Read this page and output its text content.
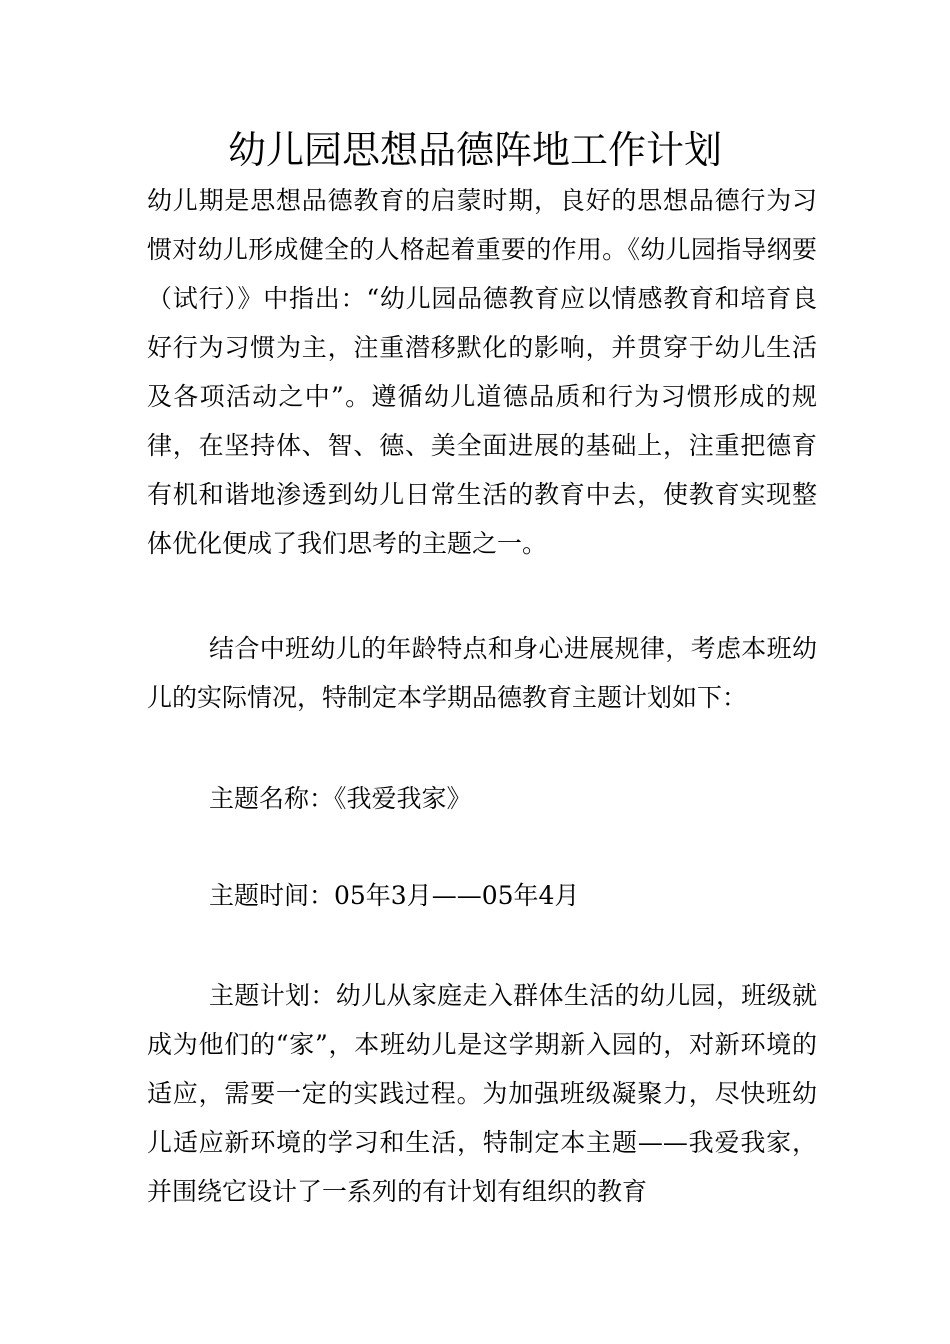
幼儿园思想品德阵地工作计划

幼儿期是思想品德教育的启蒙时期，良好的思想品德行为习惯对幼儿形成健全的人格起着重要的作用。《幼儿园指导纲要（试行）》中指出：“幼儿园品德教育应以情感教育和培育良好行为习惯为主，注重潜移默化的影响，并贯穿于幼儿生活及各项活动之中”。遵循幼儿道德品质和行为习惯形成的规律，在坚持体、智、德、美全面进展的基础上，注重把德育有机和谐地渗透到幼儿日常生活的教育中去，使教育实现整体优化便成了我们思考的主题之一。

结合中班幼儿的年龄特点和身心进展规律，考虑本班幼儿的实际情况，特制定本学期品德教育主题计划如下：

主题名称：《我爱我家》

主题时间：05年3月——05年4月

主题计划：幼儿从家庭走入群体生活的幼儿园，班级就成为他们的“家”，本班幼儿是这学期新入园的，对新环境的适应，需要一定的实践过程。为加强班级凝聚力，尽快班幼儿适应新环境的学习和生活，特制定本主题——我爱我家，并围绕它设计了一系列的有计划有组织的教育
